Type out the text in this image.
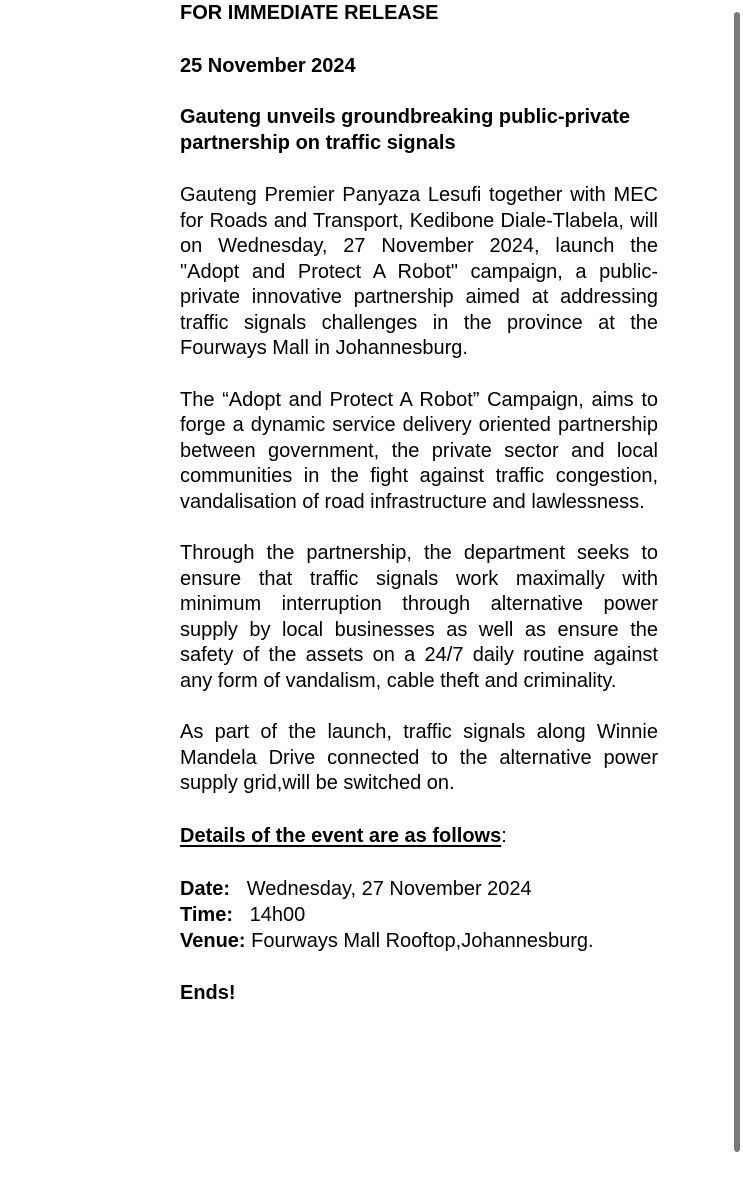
FOR IMMEDIATE RELEASE

25 November 2024

Gauteng unveils groundbreaking public-private partnership on traffic signals

Gauteng Premier Panyaza Lesufi together with MEC for Roads and Transport, Kedibone Diale-Tlabela, will on Wednesday, 27 November 2024, launch the "Adopt and Protect A Robot" campaign, a public-private innovative partnership aimed at addressing traffic signals challenges in the province at the Fourways Mall in Johannesburg.

The “Adopt and Protect A Robot” Campaign, aims to forge a dynamic service delivery oriented partnership between government, the private sector and local communities in the fight against traffic congestion, vandalisation of road infrastructure and lawlessness.

Through the partnership, the department seeks to ensure that traffic signals work maximally with minimum interruption through alternative power supply by local businesses as well as ensure the safety of the assets on a 24/7 daily routine against any form of vandalism, cable theft and criminality.

As part of the launch, traffic signals along Winnie Mandela Drive connected to the alternative power supply grid,will be switched on.

Details of the event are as follows:
Date: Wednesday, 27 November 2024
Time: 14h00
Venue: Fourways Mall Rooftop,Johannesburg.

Ends!
